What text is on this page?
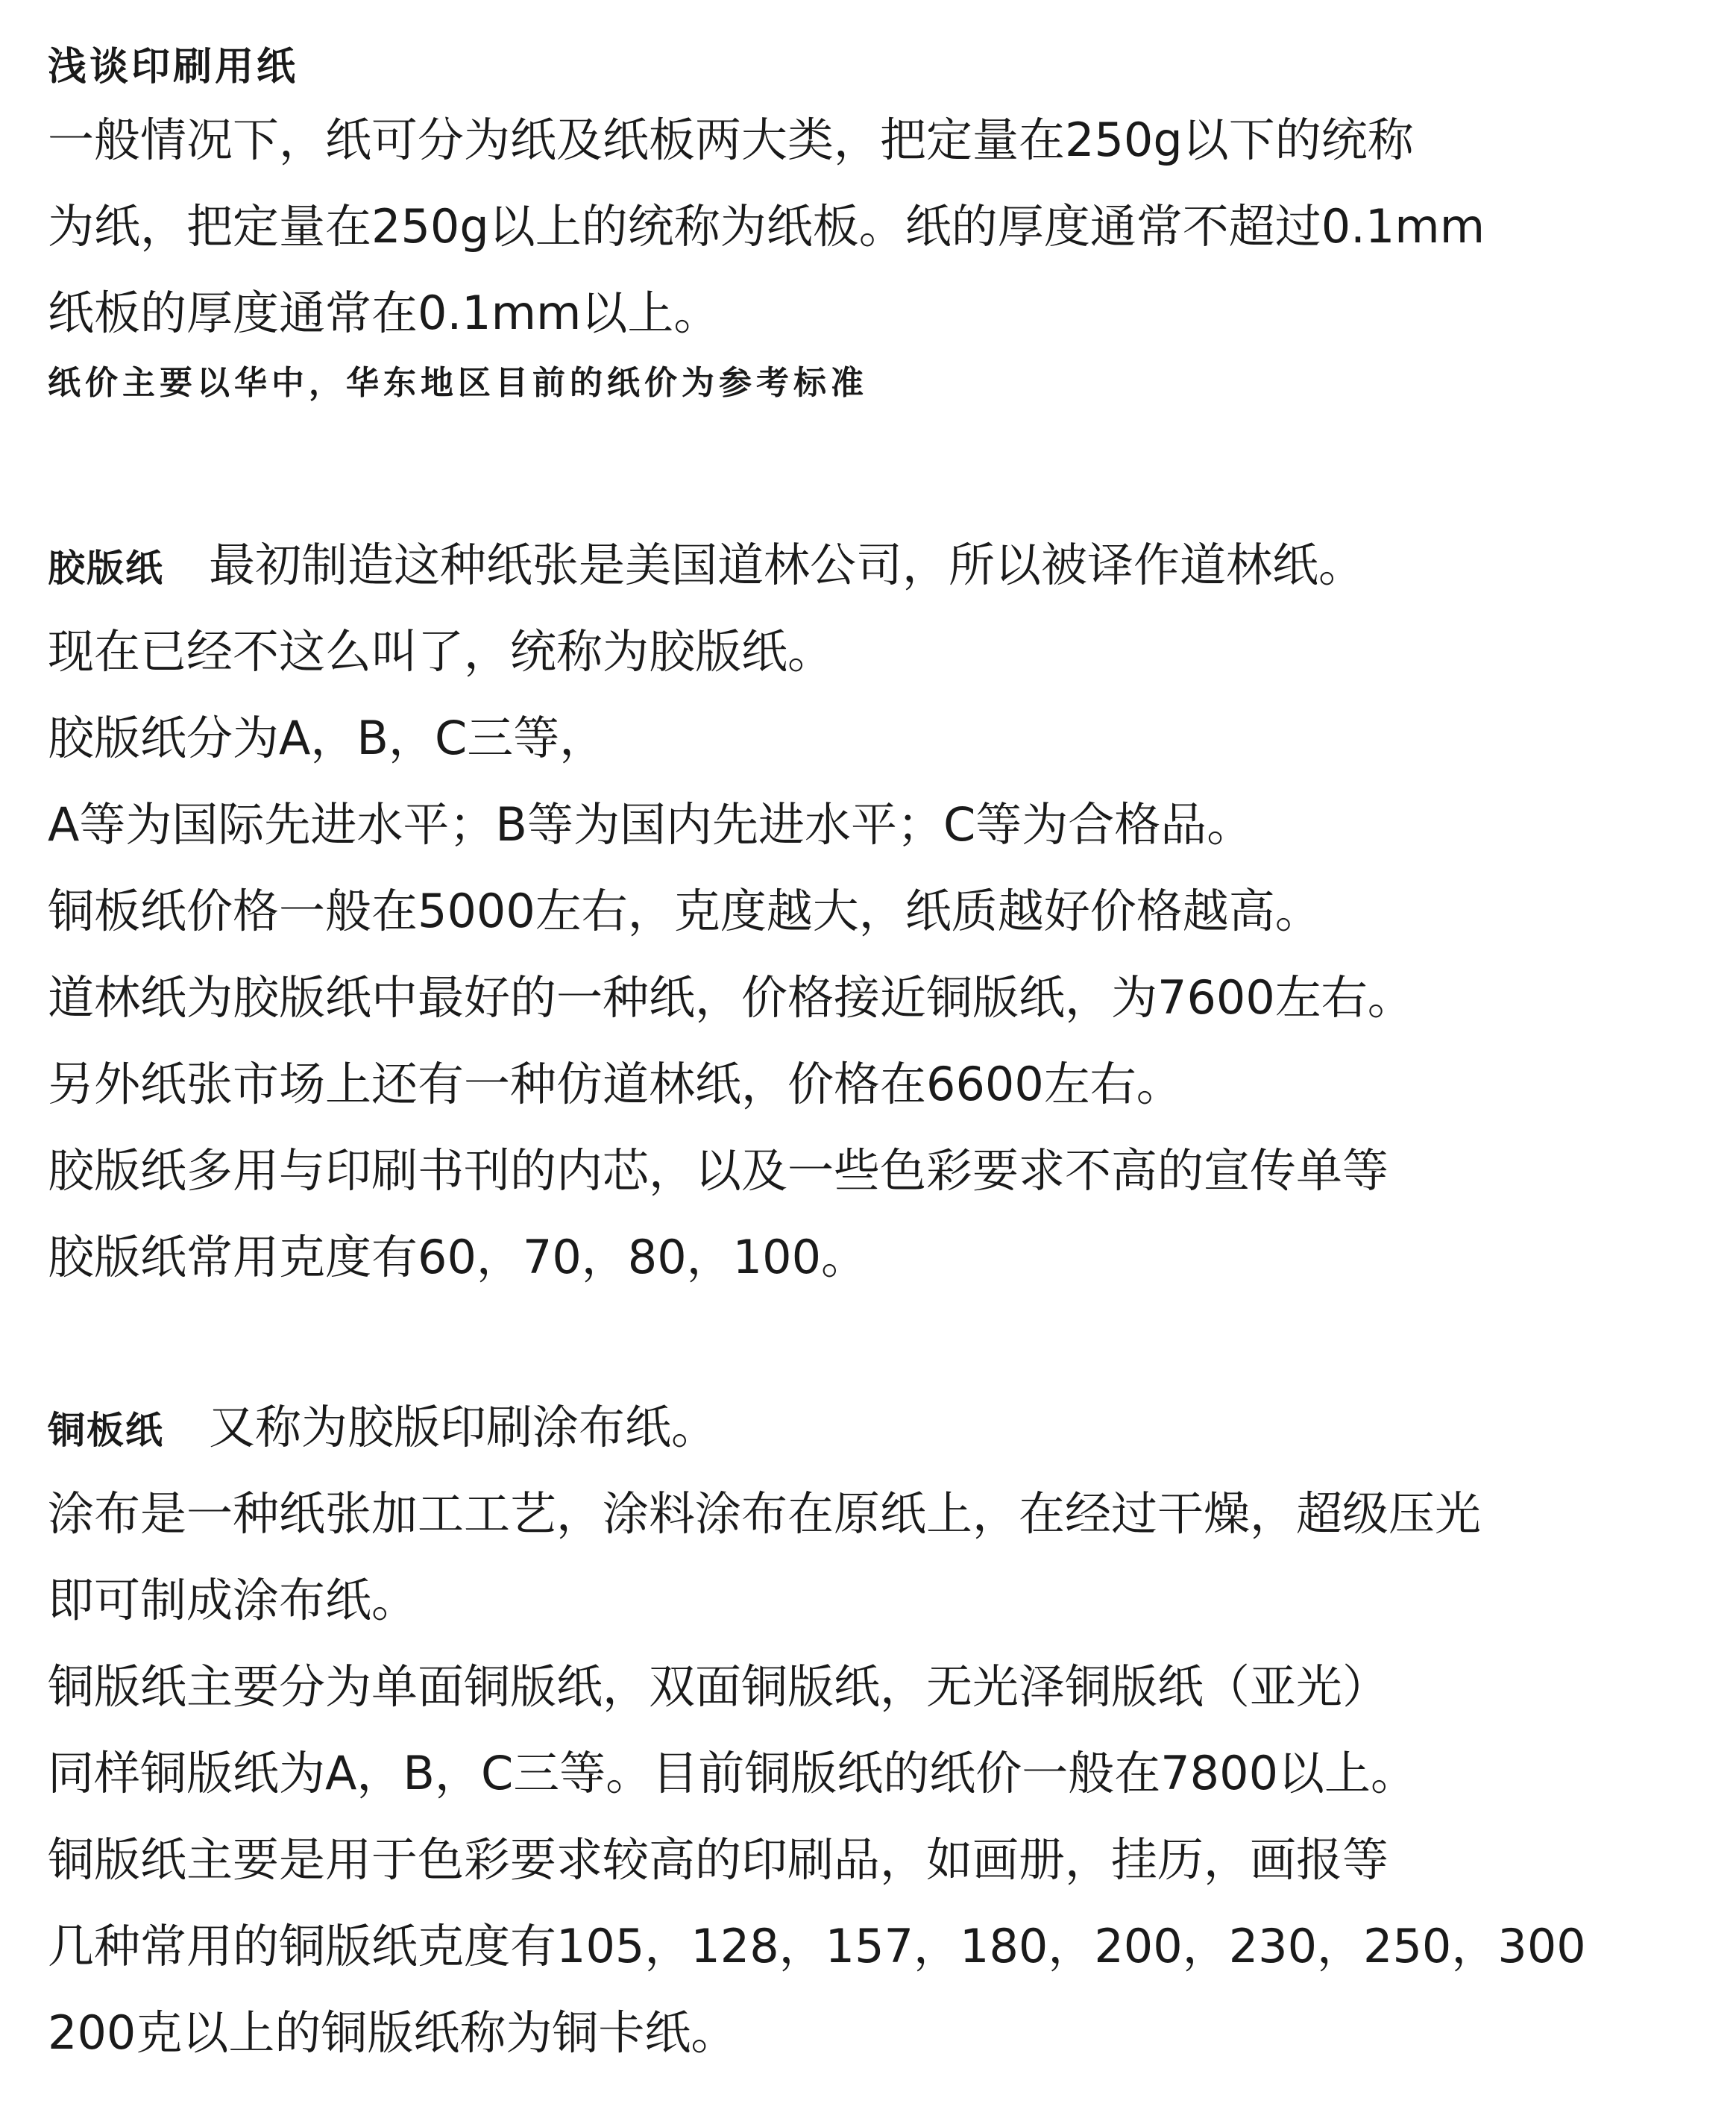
浅谈印刷用纸
一般情况下，纸可分为纸及纸板两大类，把定量在250g以下的统称
为纸，把定量在250g以上的统称为纸板。纸的厚度通常不超过0.1mm
纸板的厚度通常在0.1mm以上。
纸价主要以华中，华东地区目前的纸价为参考标准
胶版纸 最初制造这种纸张是美国道林公司，所以被译作道林纸。
现在已经不这么叫了，统称为胶版纸。
胶版纸分为A，B，C三等，
A等为国际先进水平；B等为国内先进水平；C等为合格品。
铜板纸价格一般在5000左右，克度越大，纸质越好价格越高。
道林纸为胶版纸中最好的一种纸，价格接近铜版纸，为7600左右。
另外纸张市场上还有一种仿道林纸，价格在6600左右。
胶版纸多用与印刷书刊的内芯，以及一些色彩要求不高的宣传单等
胶版纸常用克度有60，70，80，100。
铜板纸 又称为胶版印刷涂布纸。
涂布是一种纸张加工工艺，涂料涂布在原纸上，在经过干燥，超级压光
即可制成涂布纸。
铜版纸主要分为单面铜版纸，双面铜版纸，无光泽铜版纸（亚光）
同样铜版纸为A，B，C三等。目前铜版纸的纸价一般在7800以上。
铜版纸主要是用于色彩要求较高的印刷品，如画册，挂历，画报等
几种常用的铜版纸克度有105，128，157，180，200，230，250，300
200克以上的铜版纸称为铜卡纸。
